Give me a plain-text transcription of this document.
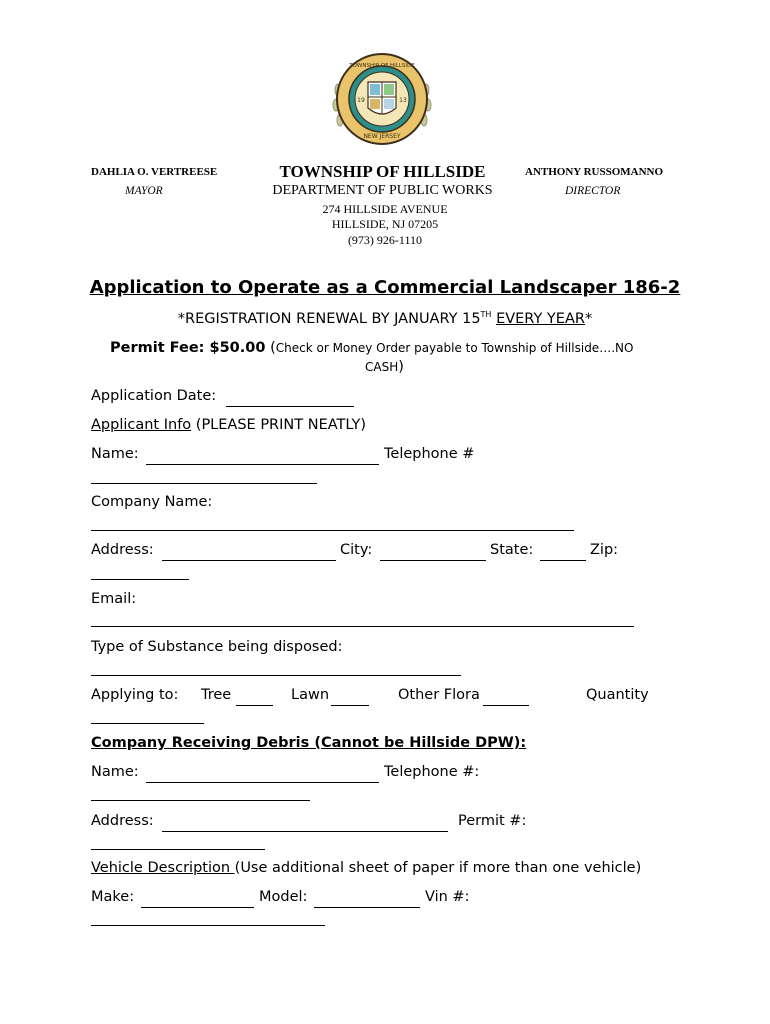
TOWNSHIP OF HILLSIDE
NEW JERSEY
19	13
DAHLIA O. VERTREESE
MAYOR
TOWNSHIP OF HILLSIDE
DEPARTMENT OF PUBLIC WORKS
274 HILLSIDE AVENUE
HILLSIDE, NJ 07205
(973) 926-1110
ANTHONY RUSSOMANNO
DIRECTOR
Application to Operate as a Commercial Landscaper 186-2
*REGISTRATION RENEWAL BY JANUARY 15TH EVERY YEAR*
Permit Fee: $50.00 (Check or Money Order payable to Township of Hillside….NO
CASH)
Application Date:
Applicant Info (PLEASE PRINT NEATLY)
Name:	Telephone #
Company Name:
Address:	City:	State:	Zip:
Email:
Type of Substance being disposed:
Applying to: Tree	Lawn	Other Flora	Quantity
Company Receiving Debris (Cannot be Hillside DPW):
Name:	Telephone #:
Address:	Permit #:
Vehicle Description (Use additional sheet of paper if more than one vehicle)
Make:	Model:	Vin #:
